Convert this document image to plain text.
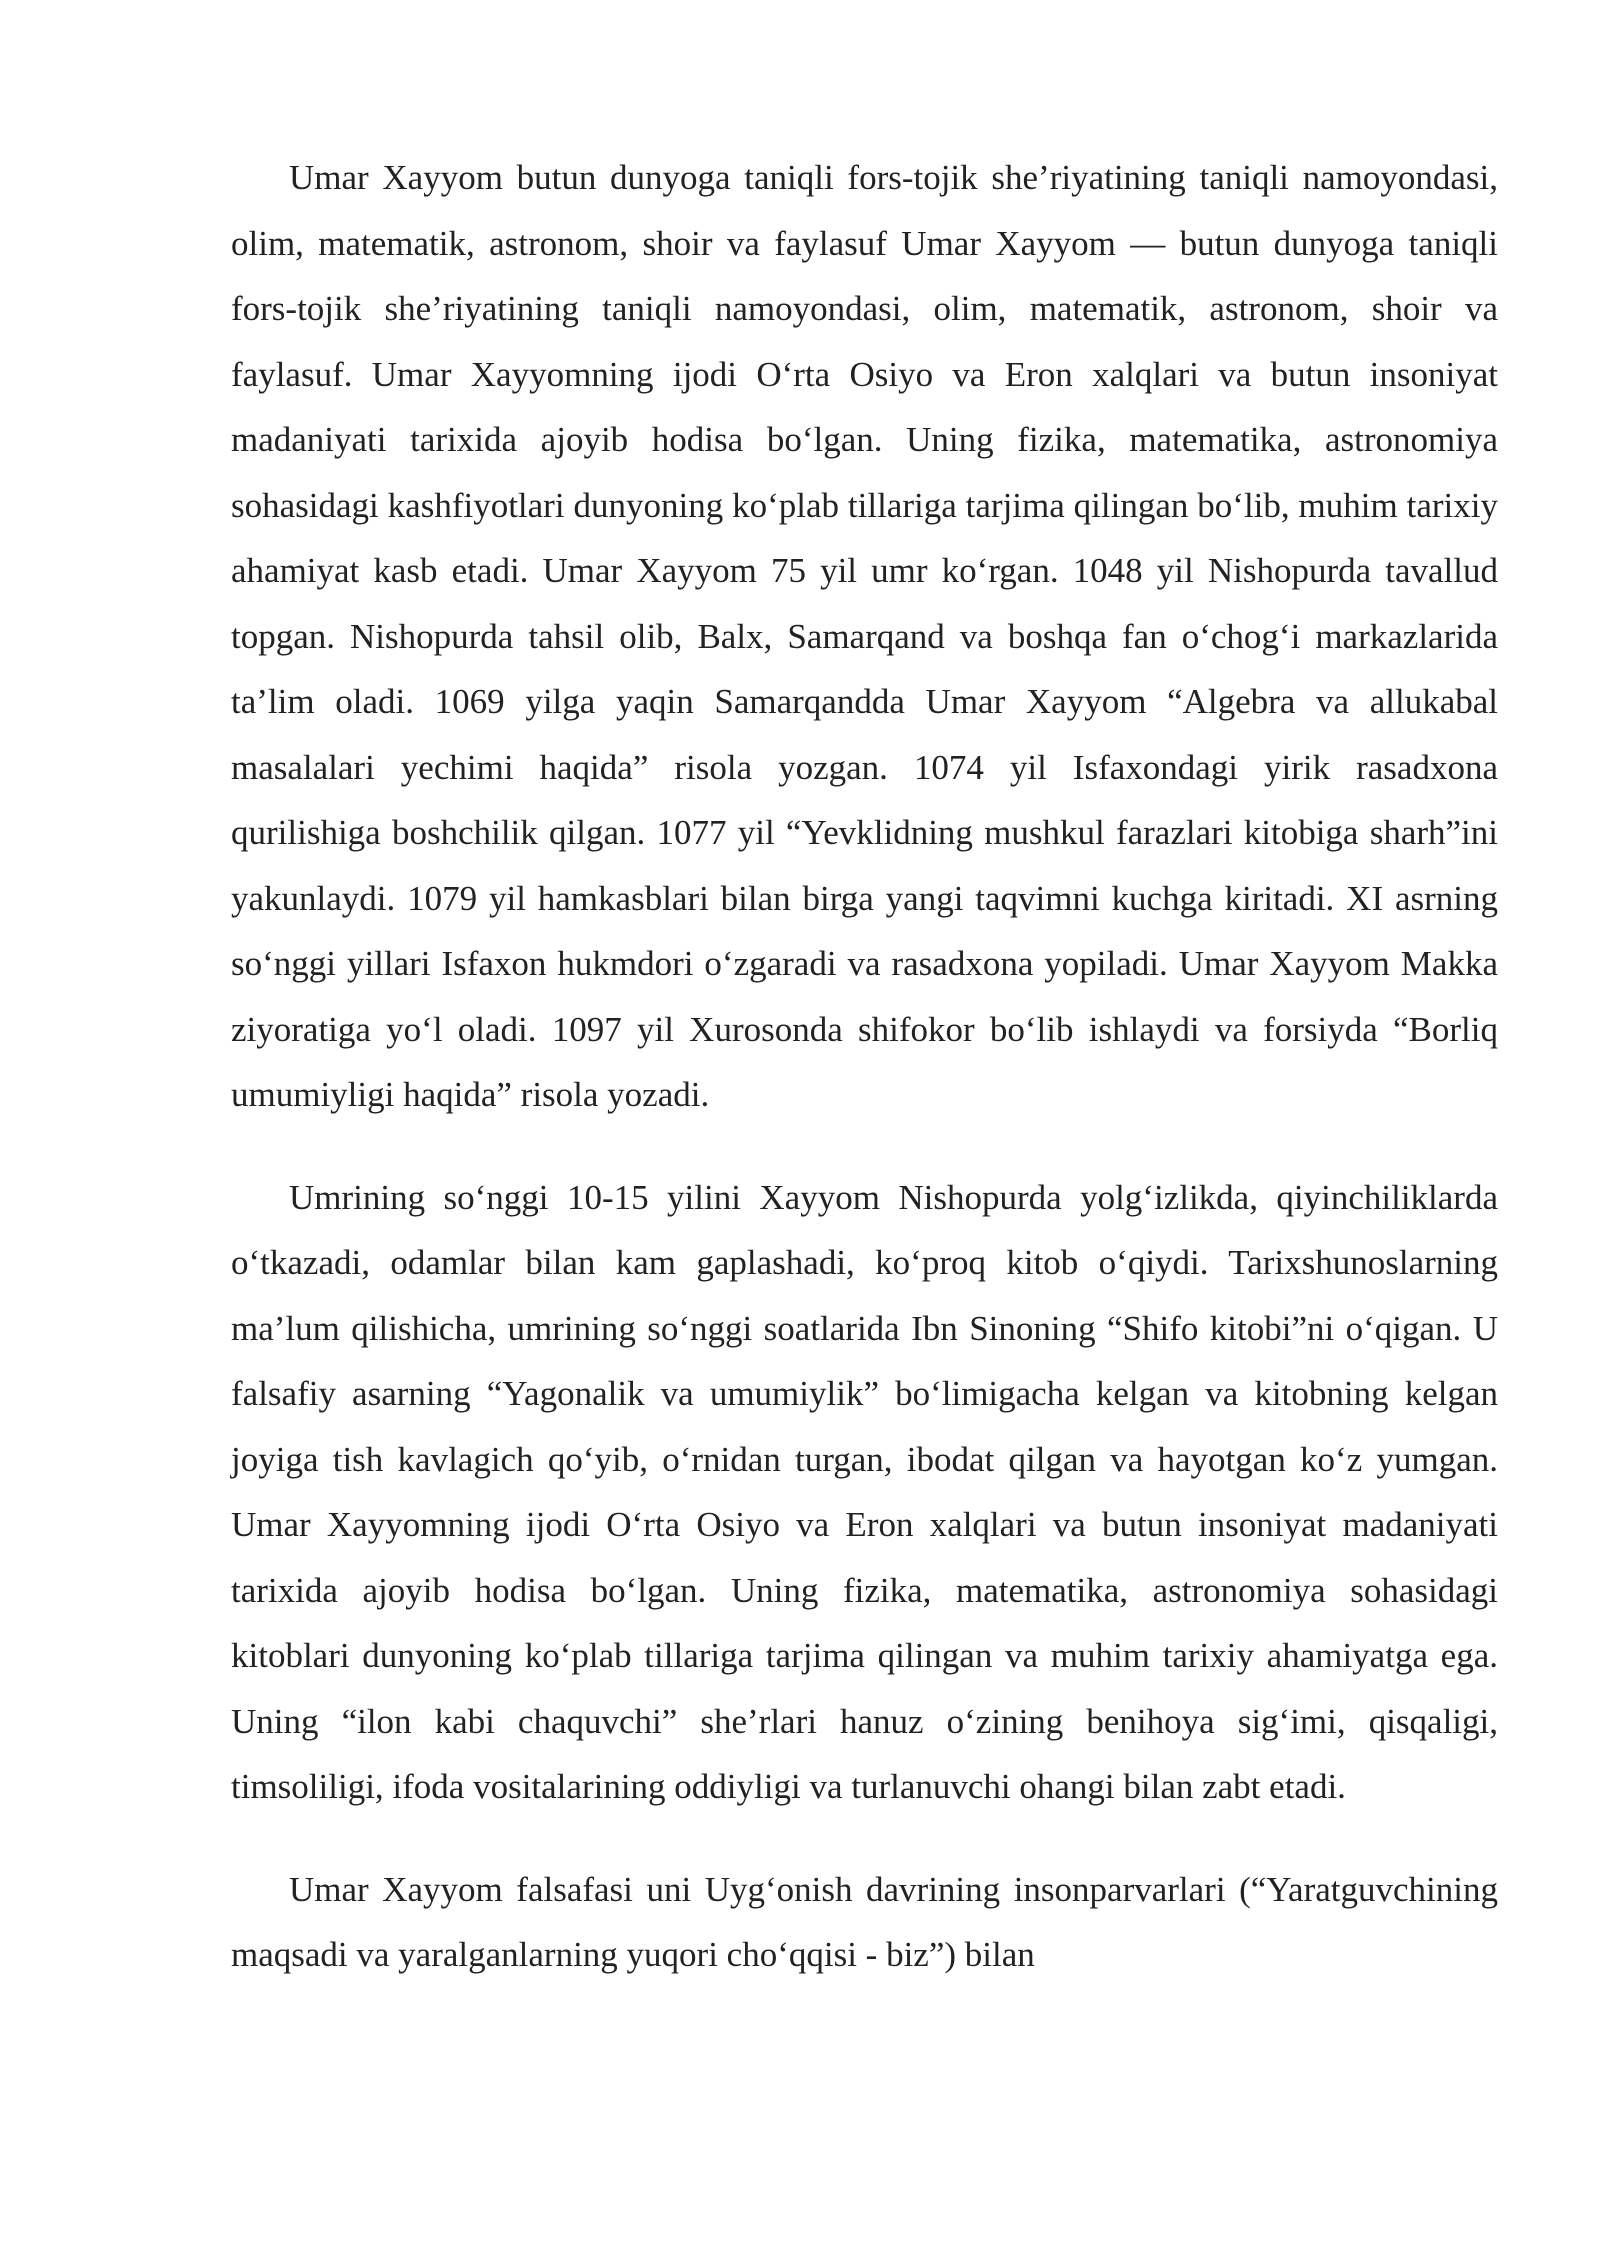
Umar Xayyom butun dunyoga taniqli fors-tojik she’riyatining taniqli namoyondasi, olim, matematik, astronom, shoir va faylasuf Umar Xayyom — butun dunyoga taniqli fors-tojik she’riyatining taniqli namoyondasi, olim, matematik, astronom, shoir va faylasuf. Umar Xayyomning ijodi O‘rta Osiyo va Eron xalqlari va butun insoniyat madaniyati tarixida ajoyib hodisa bo‘lgan. Uning fizika, matematika, astronomiya sohasidagi kashfiyotlari dunyoning ko‘plab tillariga tarjima qilingan bo‘lib, muhim tarixiy ahamiyat kasb etadi. Umar Xayyom 75 yil umr ko‘rgan. 1048 yil Nishopurda tavallud topgan. Nishopurda tahsil olib, Balx, Samarqand va boshqa fan o‘chog‘i markazlarida ta’lim oladi. 1069 yilga yaqin Samarqandda Umar Xayyom “Algebra va allukabal masalalari yechimi haqida” risola yozgan. 1074 yil Isfaxondagi yirik rasadxona qurilishiga boshchilik qilgan. 1077 yil “Yevklidning mushkul farazlari kitobiga sharh”ini yakunlaydi. 1079 yil hamkasblari bilan birga yangi taqvimni kuchga kiritadi. XI asrning so‘nggi yillari Isfaxon hukmdori o‘zgaradi va rasadxona yopiladi. Umar Xayyom Makka ziyoratiga yo‘l oladi. 1097 yil Xurosonda shifokor bo‘lib ishlaydi va forsiyda “Borliq umumiyligi haqida” risola yozadi.

Umrining so‘nggi 10-15 yilini Xayyom Nishopurda yolg‘izlikda, qiyinchiliklarda o‘tkazadi, odamlar bilan kam gaplashadi, ko‘proq kitob o‘qiydi. Tarixshunoslarning ma’lum qilishicha, umrining so‘nggi soatlarida Ibn Sinoning “Shifo kitobi”ni o‘qigan. U falsafiy asarning “Yagonalik va umumiylik” bo‘limigacha kelgan va kitobning kelgan joyiga tish kavlagich qo‘yib, o‘rnidan turgan, ibodat qilgan va hayotgan ko‘z yumgan. Umar Xayyomning ijodi O‘rta Osiyo va Eron xalqlari va butun insoniyat madaniyati tarixida ajoyib hodisa bo‘lgan. Uning fizika, matematika, astronomiya sohasidagi kitoblari dunyoning ko‘plab tillariga tarjima qilingan va muhim tarixiy ahamiyatga ega. Uning “ilon kabi chaquvchi” she’rlari hanuz o‘zining benihoya sig‘imi, qisqaligi, timsoliligi, ifoda vositalarining oddiyligi va turlanuvchi ohangi bilan zabt etadi.

Umar Xayyom falsafasi uni Uyg‘onish davrining insonparvarlari (“Yaratguvchining maqsadi va yaralganlarning yuqori cho‘qqisi - biz”) bilan
